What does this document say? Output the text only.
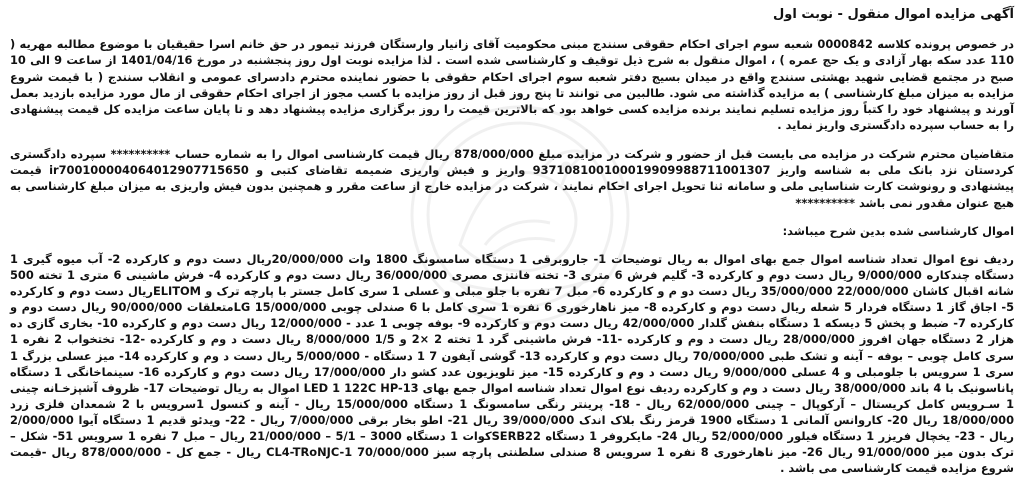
آگهی مزایده اموال منقول - نوبت اول

در خصوص پرونده کلاسه 0000842 شعبه سوم اجرای احکام حقوقی سنندج مبنی محکومیت آقای زانیار وارستگان فرزند تیمور در حق خانم اسرا حقیقیان با موضوع مطالبه مهریه ( 110 عدد سکه بهار آزادی و یک حج عمره ) ، اموال منقول به شرح ذیل توقیف و کارشناسی شده است . لذا مزایده نوبت اول روز پنجشنبه در مورخ 1401/04/16 از ساعت 9 الی 10 صبح در مجتمع قضایی شهید بهشتی سنندج واقع در میدان بسیج دفتر شعبه سوم اجرای احکام حقوقی با حضور نماینده محترم دادسرای عمومی و انقلاب سنندج ( با قیمت شروع مزایده به میزان مبلغ کارشناسی ) به مزایده گذاشته می شود. طالبین می توانند تا پنج روز قبل از روز مزایده با کسب مجوز از اجرای احکام حقوقی از مال مورد مزایده بازدید بعمل آورند و پیشنهاد خود را کتباً روز مزایده تسلیم نمایند برنده مزایده کسی خواهد بود که بالاترین قیمت را روز برگزاری مزایده پیشنهاد دهد و تا پایان ساعت مزایده کل قیمت پیشنهادی را به حساب سپرده دادگستری واریز نماید .

متقاضیان محترم شرکت در مزایده می بایست قبل از حضور و شرکت در مزایده مبلغ 878/000/000 ریال قیمت کارشناسی اموال را به شماره حساب ********** سپرده دادگستری کردستان نزد بانک ملی به شناسه واریز 937108100100019909988711001307 واریز و فیش واریزی ضمیمه تقاضای کتبی و ir700100004064012907715650 قیمت پیشنهادی و رونوشت کارت شناسایی ملی و سامانه ثنا تحویل اجرای احکام نمایند ، شرکت در مزایده خارج از ساعت مقرر و همچنین بدون فیش واریزی به میزان مبلغ کارشناسی به هیچ عنوان مقدور نمی باشد **********

اموال کارشناسی شده بدین شرح میباشد:

ردیف نوع اموال تعداد شناسه اموال جمع بهای اموال به ریال توضیحات 1- جاروبرقی 1 دستگاه سامسونگ 1800 وات 20/000/000ریال دست دوم و کارکرده 2- آب میوه گیری 1 دستگاه چندکاره 9/000/000 ریال دست دوم و کارکرده 3- گلیم فرش 6 متری 3- تخته فانتزی مصری 36/000/000 ریال دست دوم و کارکرده 4- فرش ماشینی 6 متری 1 تخته 500 شانه اقبال کاشان 22/000/000 35/000/000 ریال دست دو م و کارکرده 6- مبل 7 نفره با جلو مبلی و عسلی 1 سری کامل جستر با پارچه ترک و ELITOMریال دست دوم و کارکرده 5- اجاق گاز 1 دستگاه فردار 5 شعله ریال دست دوم و کارکرده 8- میز ناهارخوری 6 نفره 1 سری کامل با 6 صندلی چوبی LG 15/000/000متعلقات 90/000/000 ریال دست دوم و کارکرده 7- ضبط و پخش 5 دیسکه 1 دستگاه بنفش گلدار 42/000/000 ریال دست دوم و کارکرده 9- بوفه چوبی 1 عدد - 12/000/000 ریال دست دوم و کارکرده 10- بخاری گازی ده هزار 2 دستگاه جهان افروز 28/000/000 ریال دست د وم و کارکرده -11- فرش ماشینی گرد 1 تخته 2 ×2 و 1/5 8/000/000 ریال دست د وم و کارکرده -12- تختخواب 2 نفره 1 سری کامل چوبی – بوفه – آینه و تشک طبی 70/000/000 ریال دست دوم و کارکرده 13- گوشی آیفون 7 1 دستگاه - 5/000/000 ریال دست د وم و کارکرده 14- میز عسلی بزرگ 1 سری 1 سرویس با جلومبلی و 4 عسلی 9/000/000 ریال دست د وم و کارکرده 15- میز تلویزیون عدد کشو دار 17/000/000 ریال دست دوم و کارکرده 16- سینماخانگی 1 دستگاه پاناسونیک با 4 باند 38/000/000 ریال دست د وم و کارکرده ردیف نوع اموال تعداد شناسه اموال جمع بهای LED 1 122C HP-13 اموال به ریال توضیحات 17- ظروف آشپزخـانه چینی 1 سـرویس کامل کریستال – آرکوپال – چینی 62/000/000 ریال - 18- پرینتر رنگی سامسونگ 1 دستگاه 15/000/000 ریال - آینه و کنسول 1سرویس با 2 شمعدان فلزی زرد 18/000/000 ریال 20- کاروانس آلمانی 1 دستگاه 1900 قرمز رنگ بلاک اندک 39/000/000 ریال 21- اطو بخار برقی 7/000/000 ریال - 22- ویدئو قدیم 1 دستگاه آیوا 2/000/000 ریال - 23- یخچال فریزر 1 دستگاه فیلور 52/000/000 ریال 24- مایکروفر 1 دستگاه SERB22کوات 1 دستگاه 3000 – 5/1 – 21/000/000 ریال – مبل 7 نفره 1 سرویس 51- شکل – ترک بدون میز 91/000/000 ریال 26- میز ناهارخوری 8 نفره 1 سرویس 8 صندلی سلطنتی پارچه سبز CL4-TRoNJC-1 70/000/000 ریال - جمع کل - 878/000/000 ریال -قیمت شروع مزایده قیمت کارشناسی می باشد .
